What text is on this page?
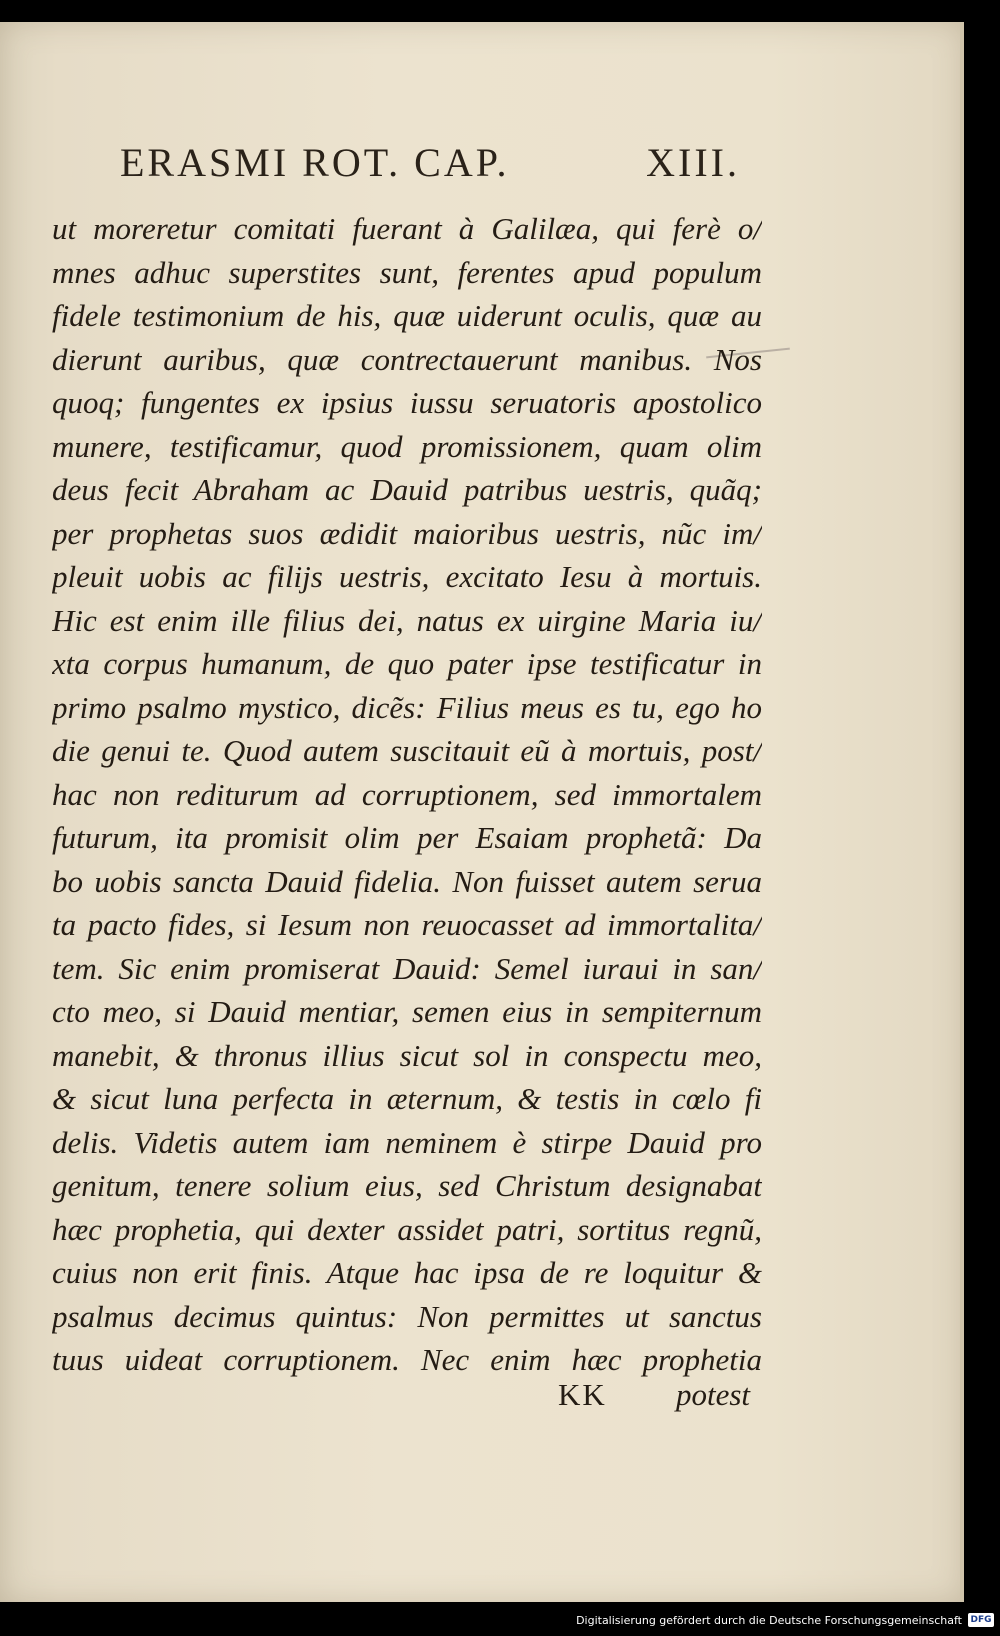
ERASMI ROT. CAP.	XIII.
ut moreretur comitati fuerant à Galilæa, qui ferè o/
mnes adhuc superstites sunt, ferentes apud populum
fidele testimonium de his, quæ uiderunt oculis, quæ au
dierunt auribus, quæ contrectauerunt manibus. Nos
quoq; fungentes ex ipsius iussu seruatoris apostolico
munere, testificamur, quod promissionem, quam olim
deus fecit Abraham ac Dauid patribus uestris, quãq;
per prophetas suos ædidit maioribus uestris, nũc im/
pleuit uobis ac filijs uestris, excitato Iesu à mortuis.
Hic est enim ille filius dei, natus ex uirgine Maria iu/
xta corpus humanum, de quo pater ipse testificatur in
primo psalmo mystico, dicẽs: Filius meus es tu, ego ho
die genui te. Quod autem suscitauit eũ à mortuis, post/
hac non rediturum ad corruptionem, sed immortalem
futurum, ita promisit olim per Esaiam prophetã: Da
bo uobis sancta Dauid fidelia. Non fuisset autem serua
ta pacto fides, si Iesum non reuocasset ad immortalita/
tem. Sic enim promiserat Dauid: Semel iuraui in san/
cto meo, si Dauid mentiar, semen eius in sempiternum
manebit, & thronus illius sicut sol in conspectu meo,
& sicut luna perfecta in æternum, & testis in cœlo fi
delis. Videtis autem iam neminem è stirpe Dauid pro
genitum, tenere solium eius, sed Christum designabat
hæc prophetia, qui dexter assidet patri, sortitus regnũ,
cuius non erit finis. Atque hac ipsa de re loquitur &
psalmus decimus quintus: Non permittes ut sanctus
tuus uideat corruptionem. Nec enim hæc prophetia
KK potest
Digitalisierung gefördert durch die Deutsche Forschungsgemeinschaft DFG
